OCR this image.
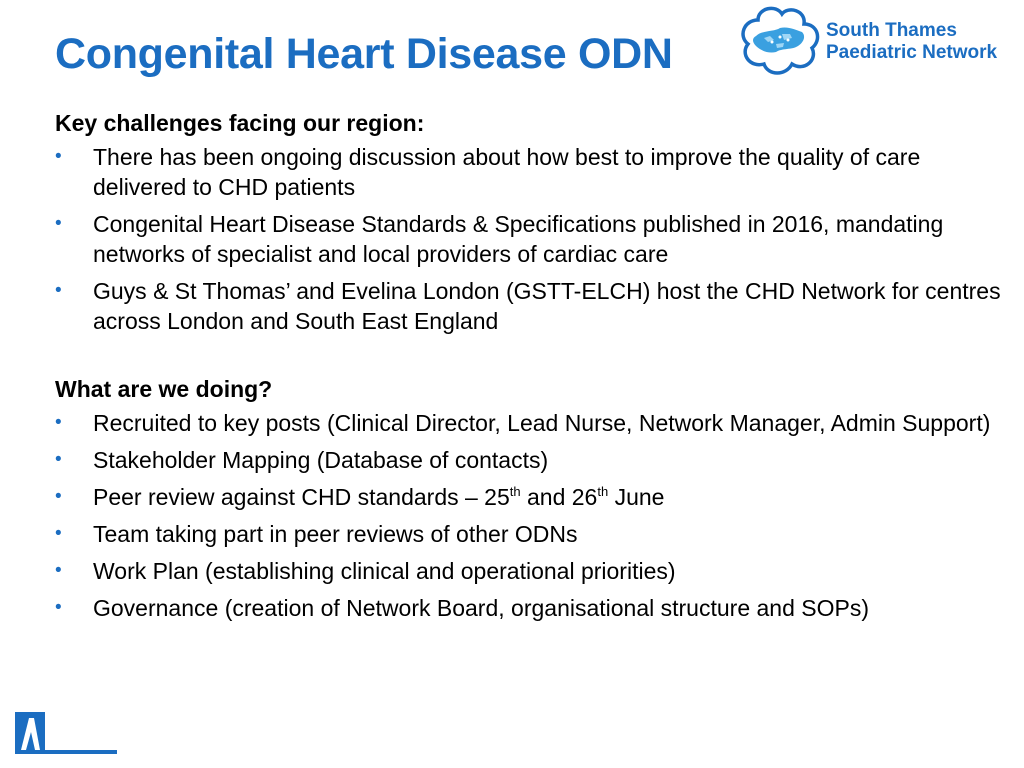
Congenital Heart Disease ODN	South Thames
Paediatric Network

Key challenges facing our region:

• There has been ongoing discussion about how best to improve the quality of care delivered to CHD patients
• Congenital Heart Disease Standards & Specifications published in 2016, mandating networks of specialist and local providers of cardiac care
• Guys & St Thomas’ and Evelina London (GSTT-ELCH) host the CHD Network for centres across London and South East England

What are we doing?

• Recruited to key posts (Clinical Director, Lead Nurse, Network Manager, Admin Support)
• Stakeholder Mapping (Database of contacts)
• Peer review against CHD standards – 25th and 26th June
• Team taking part in peer reviews of other ODNs
• Work Plan (establishing clinical and operational priorities)
• Governance (creation of Network Board, organisational structure and SOPs)
